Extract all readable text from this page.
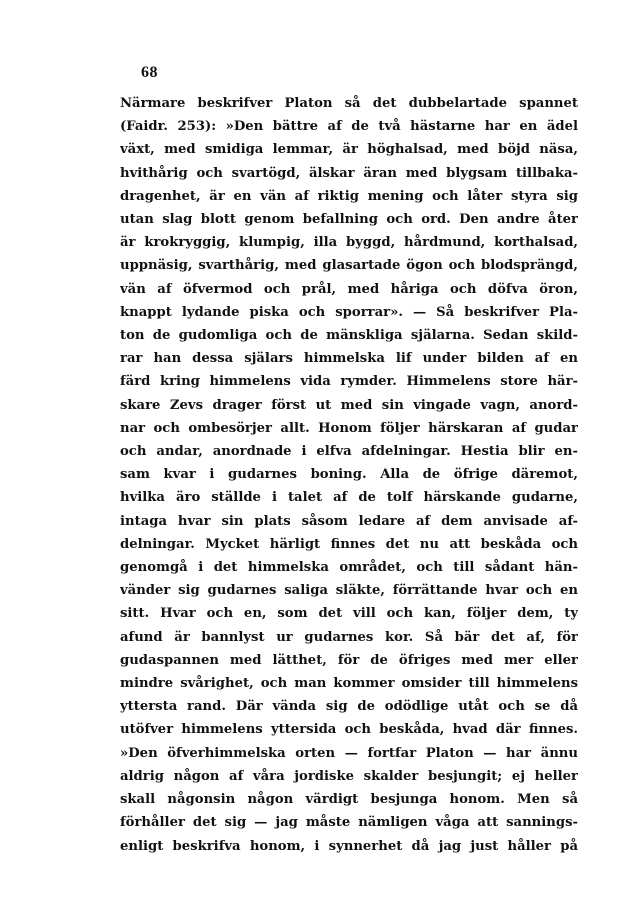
68
Närmare beskrifver Platon så det dubbelartade spannet
(Faidr. 253): »Den bättre af de två hästarne har en ädel
växt, med smidiga lemmar, är höghalsad, med böjd näsa,
hvithårig och svartögd, älskar äran med blygsam tillbaka-
dragenhet, är en vän af riktig mening och låter styra sig
utan slag blott genom befallning och ord. Den andre åter
är krokryggig, klumpig, illa byggd, hårdmund, korthalsad,
uppnäsig, svarthårig, med glasartade ögon och blodsprängd,
vän af öfvermod och prål, med håriga och döfva öron,
knappt lydande piska och sporrar». — Så beskrifver Pla-
ton de gudomliga och de mänskliga själarna. Sedan skild-
rar han dessa själars himmelska lif under bilden af en
färd kring himmelens vida rymder. Himmelens store här-
skare Zevs drager först ut med sin vingade vagn, anord-
nar och ombesörjer allt. Honom följer härskaran af gudar
och andar, anordnade i elfva afdelningar. Hestia blir en-
sam kvar i gudarnes boning. Alla de öfrige däremot,
hvilka äro ställde i talet af de tolf härskande gudarne,
intaga hvar sin plats såsom ledare af dem anvisade af-
delningar. Mycket härligt finnes det nu att beskåda och
genomgå i det himmelska området, och till sådant hän-
vänder sig gudarnes saliga släkte, förrättande hvar och en
sitt. Hvar och en, som det vill och kan, följer dem, ty
afund är bannlyst ur gudarnes kor. Så bär det af, för
gudaspannen med lätthet, för de öfriges med mer eller
mindre svårighet, och man kommer omsider till himmelens
yttersta rand. Där vända sig de odödlige utåt och se då
utöfver himmelens yttersida och beskåda, hvad där finnes.
»Den öfverhimmelska orten — fortfar Platon — har ännu
aldrig någon af våra jordiske skalder besjungit; ej heller
skall någonsin någon värdigt besjunga honom. Men så
förhåller det sig — jag måste nämligen våga att sannings-
enligt beskrifva honom, i synnerhet då jag just håller på
